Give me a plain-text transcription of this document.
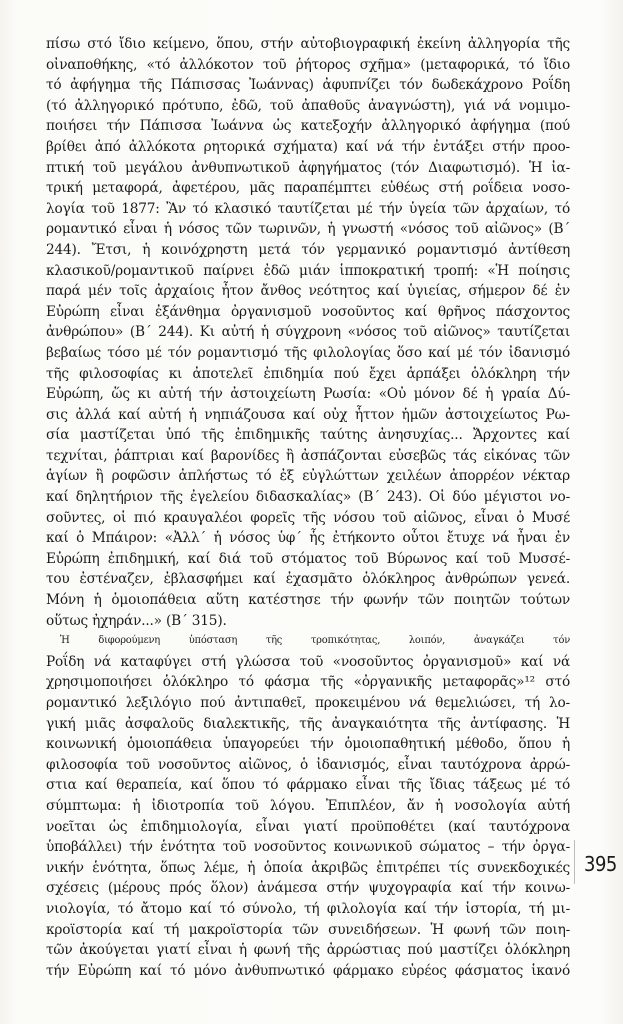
πίσω στό ἴδιο κείμενο, ὅπου, στήν αὐτοβιογραφική ἐκείνη ἀλληγορία τῆς
οἰναποθήκης, «τό ἀλλόκοτον τοῦ ῥήτορος σχῆμα» (μεταφορικά, τό ἴδιο
τό ἀφήγημα τῆς Πάπισσας Ἰωάννας) ἀφυπνίζει τόν δωδεκάχρονο Ροΐδη
(τό ἀλληγορικό πρότυπο, ἐδῶ, τοῦ ἀπαθοῦς ἀναγνώστη), γιά νά νομιμο-
ποιήσει τήν Πάπισσα Ἰωάννα ὡς κατεξοχήν ἀλληγορικό ἀφήγημα (πού
βρίθει ἀπό ἀλλόκοτα ρητορικά σχήματα) καί νά τήν ἐντάξει στήν προο-
πτική τοῦ μεγάλου ἀνθυπνωτικοῦ ἀφηγήματος (τόν Διαφωτισμό). Ἡ ἰα-
τρική μεταφορά, ἀφετέρου, μᾶς παραπέμπτει εὐθέως στή ροΐδεια νοσο-
λογία τοῦ 1877: Ἂν τό κλασικό ταυτίζεται μέ τήν ὑγεία τῶν ἀρχαίων, τό
ρομαντικό εἶναι ἡ νόσος τῶν τωρινῶν, ἡ γνωστή «νόσος τοῦ αἰῶνος» (Β´
244). Ἔτσι, ἡ κοινόχρηστη μετά τόν γερμανικό ρομαντισμό ἀντίθεση
κλασικοῦ/ρομαντικοῦ παίρνει ἐδῶ μιάν ἱπποκρατική τροπή: «Ἡ ποίησις
παρά μέν τοῖς ἀρχαίοις ἦτον ἄνθος νεότητος καί ὑγιείας, σήμερον δέ ἐν
Εὐρώπη εἶναι ἐξάνθημα ὀργανισμοῦ νοσοῦντος καί θρῆνος πάσχοντος
ἀνθρώπου» (Β´ 244). Κι αὐτή ἡ σύγχρονη «νόσος τοῦ αἰῶνος» ταυτίζεται
βεβαίως τόσο μέ τόν ρομαντισμό τῆς φιλολογίας ὅσο καί μέ τόν ἰδανισμό
τῆς φιλοσοφίας κι ἀποτελεῖ ἐπιδημία πού ἔχει ἁρπάξει ὁλόκληρη τήν
Εὐρώπη, ὥς κι αὐτή τήν ἀστοιχείωτη Ρωσία: «Οὐ μόνον δέ ἡ γραία Δύ-
σις ἀλλά καί αὐτή ἡ νηπιάζουσα καί οὐχ ἧττον ἡμῶν ἀστοιχείωτος Ρω-
σία μαστίζεται ὑπό τῆς ἐπιδημικῆς ταύτης ἀνησυχίας... Ἄρχοντες καί
τεχνίται, ῥάπτριαι καί βαρονίδες ἢ ἀσπάζονται εὐσεβῶς τάς εἰκόνας τῶν
ἁγίων ἢ ροφῶσιν ἀπλήστως τό ἐξ εὐγλώττων χειλέων ἀπορρέον νέκταρ
καί δηλητήριον τῆς ἐγελείου διδασκαλίας» (Β´ 243). Οἱ δύο μέγιστοι νο-
σοῦντες, οἱ πιό κραυγαλέοι φορεῖς τῆς νόσου τοῦ αἰῶνος, εἶναι ὁ Μυσέ
καί ὁ Μπάιρον: «Ἀλλ´ ἡ νόσος ὑφ´ ἧς ἐτήκοντο οὗτοι ἔτυχε νά ἦναι ἐν
Εὐρώπη ἐπιδημική, καί διά τοῦ στόματος τοῦ Βύρωνος καί τοῦ Μυσσέ-
του ἐστέναζεν, ἐβλασφήμει καί ἐχασμᾶτο ὁλόκληρος ἀνθρώπων γενεά.
Μόνη ἡ ὁμοιοπάθεια αὕτη κατέστησε τήν φωνήν τῶν ποιητῶν τούτων
οὕτως ἠχηράν...» (Β´ 315).
Ἡ διφορούμενη ὑπόσταση τῆς τροπικότητας, λοιπόν, ἀναγκάζει τόν
Ροΐδη νά καταφύγει στή γλώσσα τοῦ «νοσοῦντος ὀργανισμοῦ» καί νά
χρησιμοποιήσει ὁλόκληρο τό φάσμα τῆς «ὀργανικῆς μεταφορᾶς»¹² στό
ρομαντικό λεξιλόγιο πού ἀντιπαθεῖ, προκειμένου νά θεμελιώσει, τή λο-
γική μιᾶς ἀσφαλοῦς διαλεκτικῆς, τῆς ἀναγκαιότητα τῆς ἀντίφασης. Ἡ
κοινωνική ὁμοιοπάθεια ὑπαγορεύει τήν ὁμοιοπαθητική μέθοδο, ὅπου ἡ
φιλοσοφία τοῦ νοσοῦντος αἰῶνος, ὁ ἰδανισμός, εἶναι ταυτόχρονα ἀρρώ-
στια καί θεραπεία, καί ὅπου τό φάρμακο εἶναι τῆς ἴδιας τάξεως μέ τό
σύμπτωμα: ἡ ἰδιοτροπία τοῦ λόγου. Ἐπιπλέον, ἄν ἡ νοσολογία αὐτή
νοεῖται ὡς ἐπιδημιολογία, εἶναι γιατί προϋποθέτει (καί ταυτόχρονα
ὑποβάλλει) τήν ἑνότητα τοῦ νοσοῦντος κοινωνικοῦ σώματος – τήν ὀργα-
νικήν ἑνότητα, ὅπως λέμε, ἡ ὁποία ἀκριβῶς ἐπιτρέπει τίς συνεκδοχικές
σχέσεις (μέρους πρός ὅλον) ἀνάμεσα στήν ψυχογραφία καί τήν κοινω-
νιολογία, τό ἄτομο καί τό σύνολο, τή φιλολογία καί τήν ἱστορία, τή μι-
κροϊστορία καί τή μακροϊστορία τῶν συνειδήσεων. Ἡ φωνή τῶν ποιη-
τῶν ἀκούγεται γιατί εἶναι ἡ φωνή τῆς ἀρρώστιας πού μαστίζει ὁλόκληρη
τήν Εὐρώπη καί τό μόνο ἀνθυπνωτικό φάρμακο εὐρέος φάσματος ἱκανό
395
